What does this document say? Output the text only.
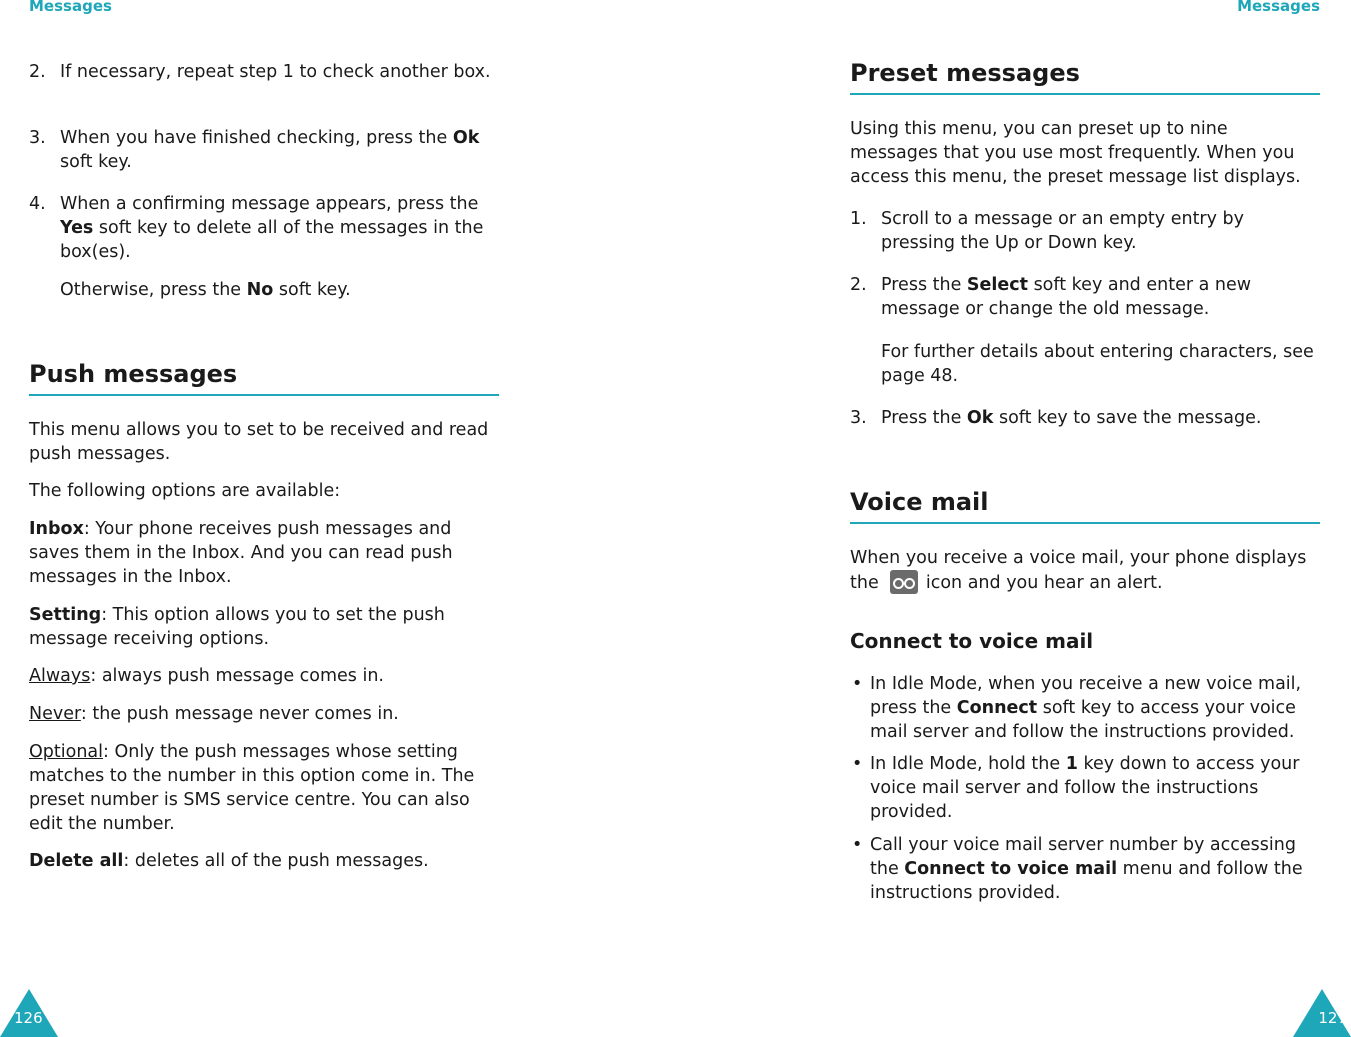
Messages	Messages
2. If necessary, repeat step 1 to check another box.

3. When you have finished checking, press the Ok soft key.

4. When a confirming message appears, press the Yes soft key to delete all of the messages in the box(es).

Otherwise, press the No soft key.

Push messages

This menu allows you to set to be received and read push messages.

The following options are available:

Inbox: Your phone receives push messages and saves them in the Inbox. And you can read push messages in the Inbox.

Setting: This option allows you to set the push message receiving options.

Always: always push message comes in.

Never: the push message never comes in.

Optional: Only the push messages whose setting matches to the number in this option come in. The preset number is SMS service centre. You can also edit the number.

Delete all: deletes all of the push messages.

Preset messages

Using this menu, you can preset up to nine messages that you use most frequently. When you access this menu, the preset message list displays.

1. Scroll to a message or an empty entry by pressing the Up or Down key.

2. Press the Select soft key and enter a new message or change the old message.

For further details about entering characters, see page 48.

3. Press the Ok soft key to save the message.

Voice mail

When you receive a voice mail, your phone displays the  icon and you hear an alert.

Connect to voice mail
• In Idle Mode, when you receive a new voice mail, press the Connect soft key to access your voice mail server and follow the instructions provided.

• In Idle Mode, hold the 1 key down to access your voice mail server and follow the instructions provided.

• Call your voice mail server number by accessing the Connect to voice mail menu and follow the instructions provided.

126	127
